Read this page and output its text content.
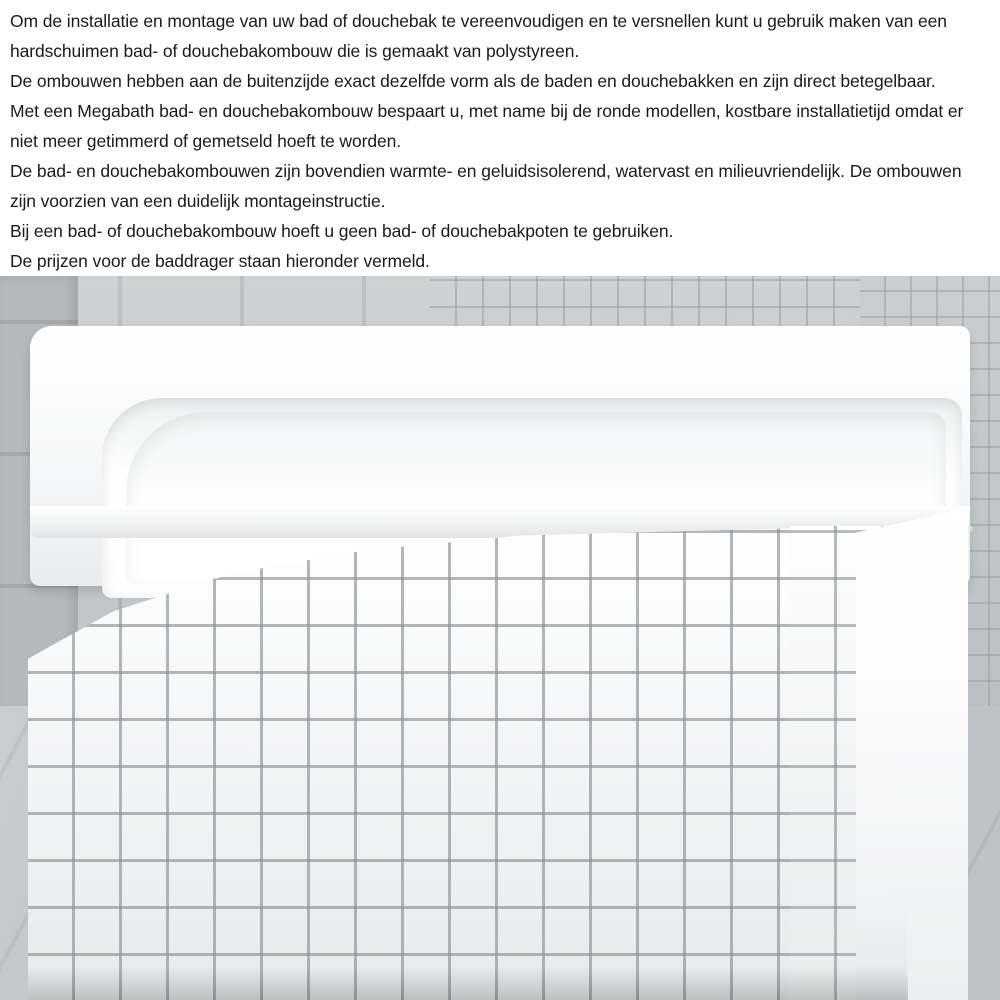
Om de installatie en montage van uw bad of douchebak te vereenvoudigen en te versnellen kunt u gebruik maken van een hardschuimen bad- of douchebakombouw die is gemaakt van polystyreen.

De ombouwen hebben aan de buitenzijde exact dezelfde vorm als de baden en douchebakken en zijn direct betegelbaar.

Met een Megabath bad- en douchebakombouw bespaart u, met name bij de ronde modellen, kostbare installatietijd omdat er niet meer getimmerd of gemetseld hoeft te worden.

De bad- en douchebakombouwen zijn bovendien warmte- en geluidsisolerend, watervast en milieuvriendelijk. De ombouwen zijn voorzien van een duidelijk montageinstructie.

Bij een bad- of douchebakombouw hoeft u geen bad- of douchebakpoten te gebruiken.

De prijzen voor de baddrager staan hieronder vermeld.
